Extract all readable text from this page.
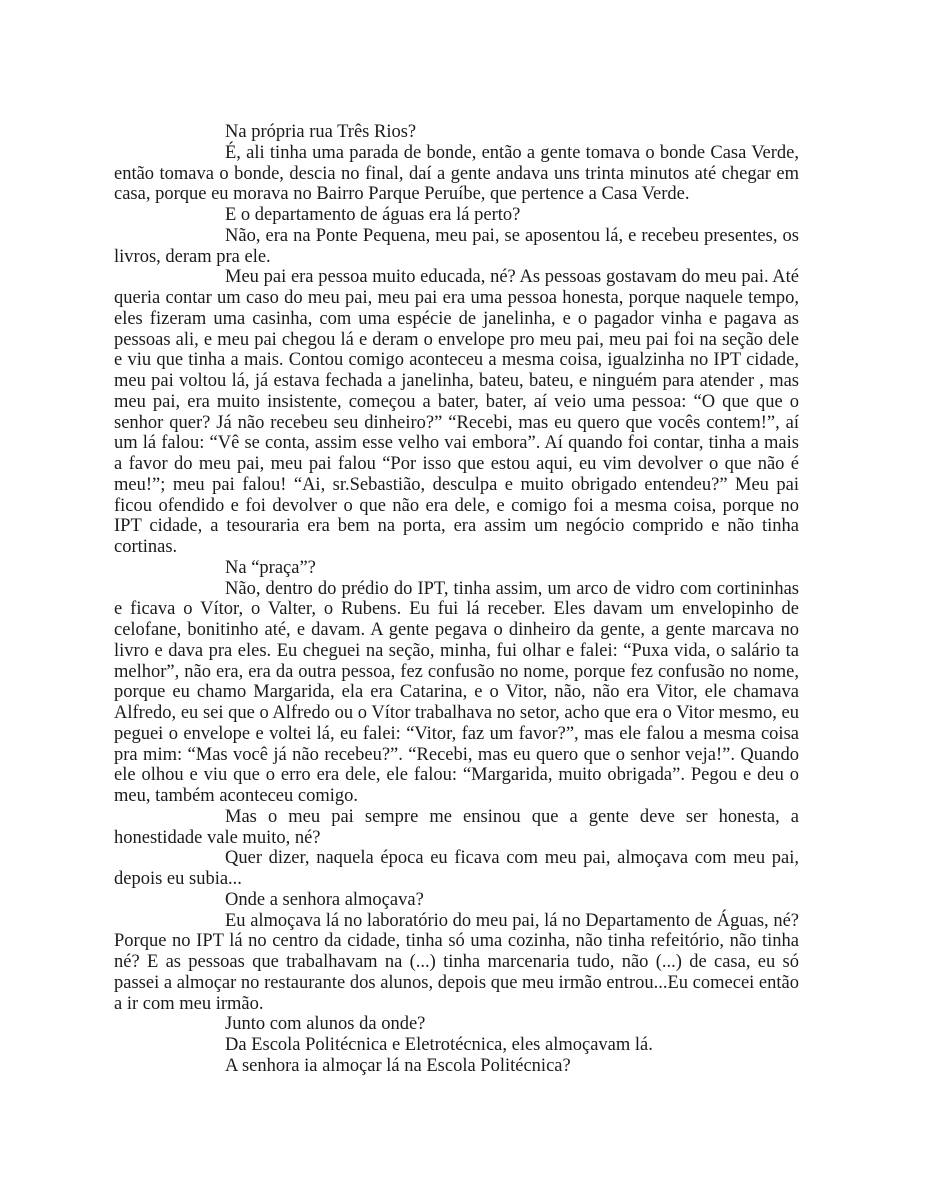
Na própria rua Três Rios?

É, ali tinha uma parada de bonde, então a gente tomava o bonde Casa Verde, então tomava o bonde, descia no final, daí a gente andava uns trinta minutos até chegar em casa, porque eu morava no Bairro Parque Peruíbe, que pertence a Casa Verde.

E o departamento de águas era lá perto?

Não, era na Ponte Pequena, meu pai, se aposentou lá, e recebeu presentes, os livros, deram pra ele.

Meu pai era pessoa muito educada, né? As pessoas gostavam do meu pai. Até queria contar um caso do meu pai, meu pai era uma pessoa honesta, porque naquele tempo, eles fizeram uma casinha, com uma espécie de janelinha, e o pagador vinha e pagava as pessoas ali, e meu pai chegou lá e deram o envelope pro meu pai, meu pai foi na seção dele e viu que tinha a mais. Contou comigo aconteceu a mesma coisa, igualzinha no IPT cidade, meu pai voltou lá, já estava fechada a janelinha, bateu, bateu, e ninguém para atender , mas meu pai, era muito insistente, começou a bater, bater, aí veio uma pessoa: “O que que o senhor quer? Já não recebeu seu dinheiro?” “Recebi, mas eu quero que vocês contem!”, aí um lá falou: “Vê se conta, assim esse velho vai embora”. Aí quando foi contar, tinha a mais a favor do meu pai, meu pai falou “Por isso que estou aqui, eu vim devolver o que não é meu!”; meu pai falou! “Ai, sr.Sebastião, desculpa e muito obrigado entendeu?” Meu pai ficou ofendido e foi devolver o que não era dele, e comigo foi a mesma coisa, porque no IPT cidade, a tesouraria era bem na porta, era assim um negócio comprido e não tinha cortinas.

Na “praça”?

Não, dentro do prédio do IPT, tinha assim, um arco de vidro com cortininhas e ficava o Vítor, o Valter, o Rubens. Eu fui lá receber. Eles davam um envelopinho de celofane, bonitinho até, e davam. A gente pegava o dinheiro da gente, a gente marcava no livro e dava pra eles. Eu cheguei na seção, minha, fui olhar e falei: “Puxa vida, o salário ta melhor”, não era, era da outra pessoa, fez confusão no nome, porque fez confusão no nome, porque eu chamo Margarida, ela era Catarina, e o Vitor, não, não era Vitor, ele chamava Alfredo, eu sei que o Alfredo ou o Vítor trabalhava no setor, acho que era o Vitor mesmo, eu peguei o envelope e voltei lá, eu falei: “Vitor, faz um favor?”, mas ele falou a mesma coisa pra mim: “Mas você já não recebeu?”. “Recebi, mas eu quero que o senhor veja!”. Quando ele olhou e viu que o erro era dele, ele falou: “Margarida, muito obrigada”. Pegou e deu o meu, também aconteceu comigo.

Mas o meu pai sempre me ensinou que a gente deve ser honesta, a honestidade vale muito, né?

Quer dizer, naquela época eu ficava com meu pai, almoçava com meu pai, depois eu subia...

Onde a senhora almoçava?

Eu almoçava lá no laboratório do meu pai, lá no Departamento de Águas, né? Porque no IPT lá no centro da cidade, tinha só uma cozinha, não tinha refeitório, não tinha né? E as pessoas que trabalhavam na (...) tinha marcenaria tudo, não (...) de casa, eu só passei a almoçar no restaurante dos alunos, depois que meu irmão entrou...Eu comecei então a ir com meu irmão.

Junto com alunos da onde?

Da Escola Politécnica e Eletrotécnica, eles almoçavam lá.

A senhora ia almoçar lá na Escola Politécnica?
